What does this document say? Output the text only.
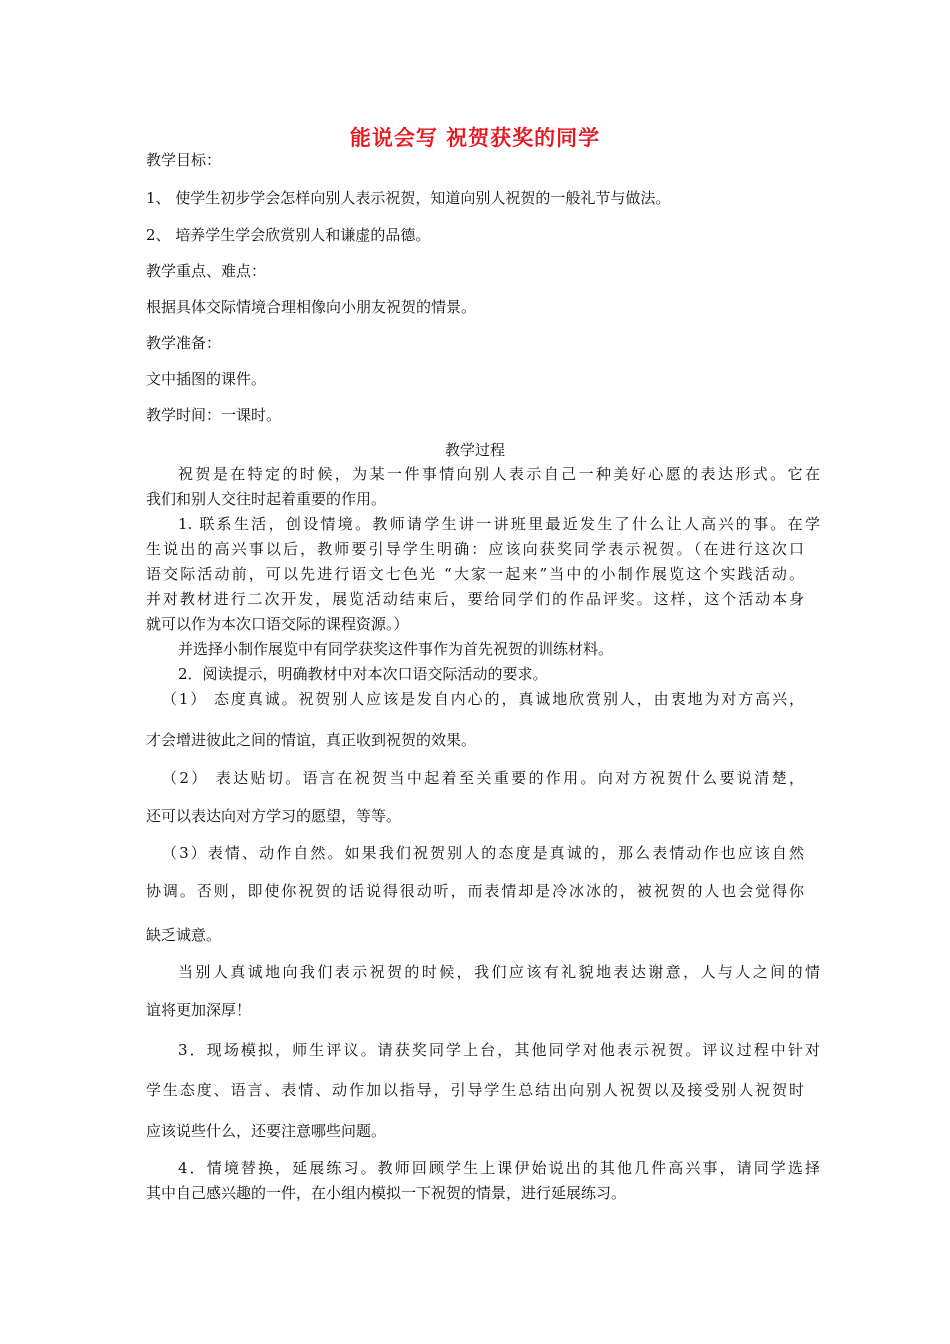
能说会写 祝贺获奖的同学

教学目标：

1、 使学生初步学会怎样向别人表示祝贺，知道向别人祝贺的一般礼节与做法。

2、 培养学生学会欣赏别人和谦虚的品德。

教学重点、难点：

根据具体交际情境合理相像向小朋友祝贺的情景。

教学准备：

文中插图的课件。

教学时间：一课时。

教学过程

祝贺是在特定的时候，为某一件事情向别人表示自己一种美好心愿的表达形式。它在

我们和别人交往时起着重要的作用。

1. 联系生活，创设情境。教师请学生讲一讲班里最近发生了什么让人高兴的事。在学

生说出的高兴事以后，教师要引导学生明确：应该向获奖同学表示祝贺。（在进行这次口

语交际活动前，可以先进行语文七色光 “大家一起来”当中的小制作展览这个实践活动。

并对教材进行二次开发，展览活动结束后，要给同学们的作品评奖。这样，这个活动本身

就可以作为本次口语交际的课程资源。）

并选择小制作展览中有同学获奖这件事作为首先祝贺的训练材料。

2．阅读提示，明确教材中对本次口语交际活动的要求。

（1） 态度真诚。祝贺别人应该是发自内心的，真诚地欣赏别人，由衷地为对方高兴，

才会增进彼此之间的情谊，真正收到祝贺的效果。

（2） 表达贴切。语言在祝贺当中起着至关重要的作用。向对方祝贺什么要说清楚，

还可以表达向对方学习的愿望，等等。

（3）表情、动作自然。如果我们祝贺别人的态度是真诚的，那么表情动作也应该自然

协调。否则，即使你祝贺的话说得很动听，而表情却是冷冰冰的，被祝贺的人也会觉得你

缺乏诚意。

当别人真诚地向我们表示祝贺的时候，我们应该有礼貌地表达谢意，人与人之间的情

谊将更加深厚！

3．现场模拟，师生评议。请获奖同学上台，其他同学对他表示祝贺。评议过程中针对

学生态度、语言、表情、动作加以指导，引导学生总结出向别人祝贺以及接受别人祝贺时

应该说些什么，还要注意哪些问题。

4．情境替换，延展练习。教师回顾学生上课伊始说出的其他几件高兴事，请同学选择

其中自己感兴趣的一件，在小组内模拟一下祝贺的情景，进行延展练习。
